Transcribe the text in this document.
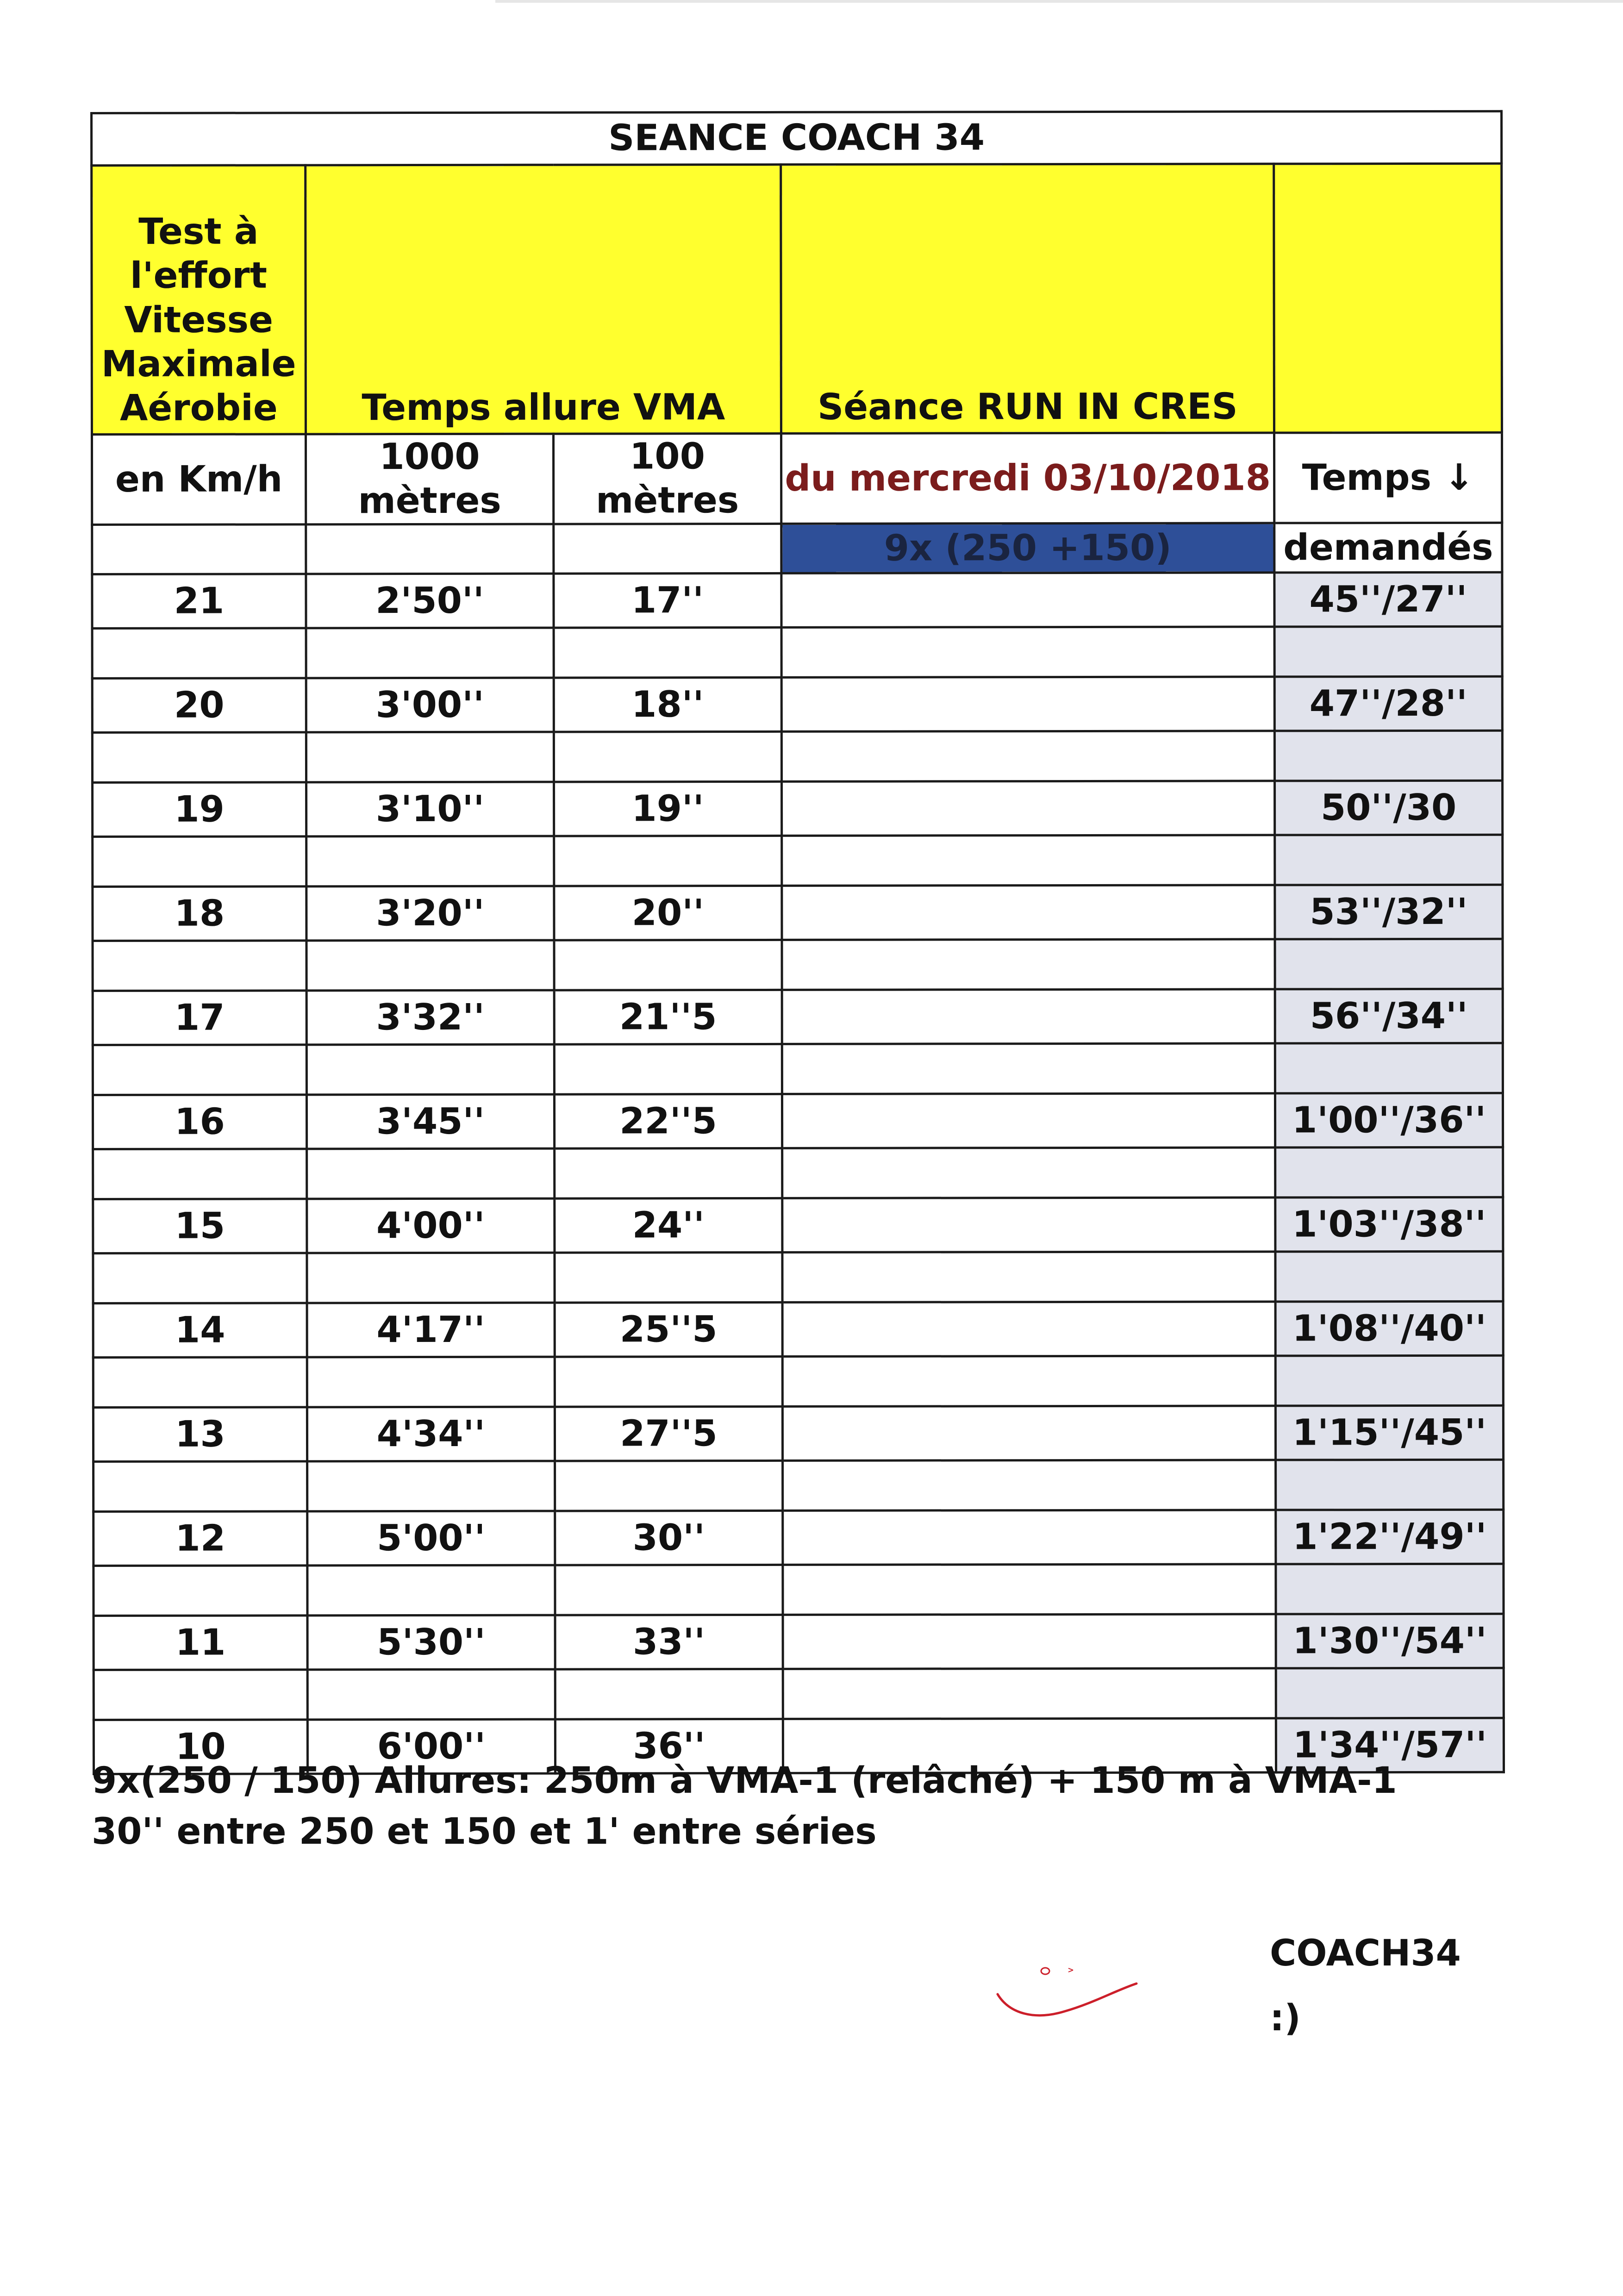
SEANCE COACH 34				

Test à
l'effort
Vitesse
Maximale
Aérobie	Temps allure VMA		Séance RUN IN CRES	
en Km/h	1000 mètres	100 mètres	du mercredi 03/10/2018	Temps ↓
			9x (250 +150)	demandés
21	2'50''	17''		45''/27''

20	3'00''	18''		47''/28''

19	3'10''	19''		50''/30

18	3'20''	20''		53''/32''

17	3'32''	21''5		56''/34''

16	3'45''	22''5		1'00''/36''

15	4'00''	24''		1'03''/38''

14	4'17''	25''5		1'08''/40''

13	4'34''	27''5		1'15''/45''

12	5'00''	30''		1'22''/49''

11	5'30''	33''		1'30''/54''

10	6'00''	36''		1'34''/57''
9x(250 / 150) Allures: 250m à VMA-1 (relâché) + 150 m à VMA-1
30'' entre 250 et 150 et 1' entre séries
COACH34
:)
